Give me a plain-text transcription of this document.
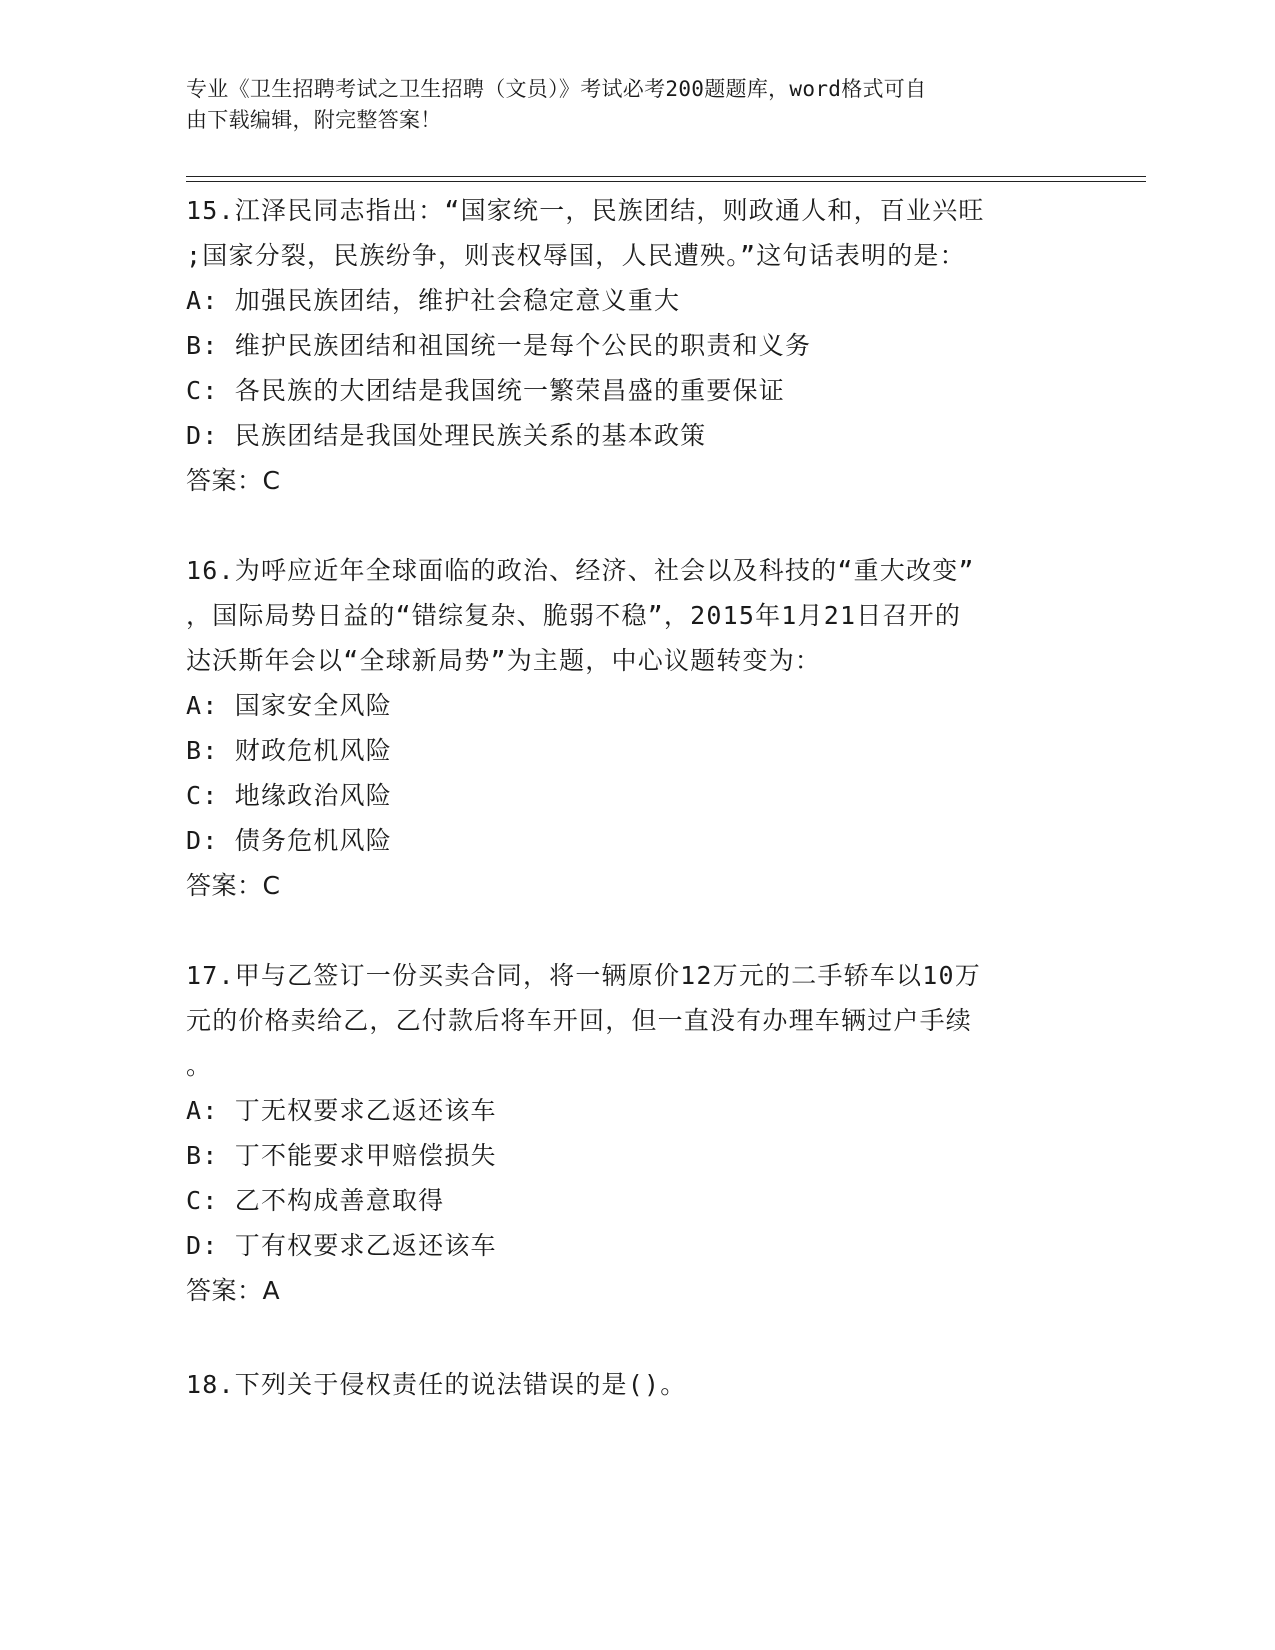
专业《卫生招聘考试之卫生招聘（文员）》考试必考200题题库，word格式可自
由下载编辑，附完整答案！

15.江泽民同志指出：“国家统一，民族团结，则政通人和，百业兴旺

;国家分裂，民族纷争，则丧权辱国，人民遭殃。”这句话表明的是：

A: 加强民族团结，维护社会稳定意义重大

B: 维护民族团结和祖国统一是每个公民的职责和义务

C: 各民族的大团结是我国统一繁荣昌盛的重要保证

D: 民族团结是我国处理民族关系的基本政策

答案：C

16.为呼应近年全球面临的政治、经济、社会以及科技的“重大改变”

，国际局势日益的“错综复杂、脆弱不稳”，2015年1月21日召开的

达沃斯年会以“全球新局势”为主题，中心议题转变为：

A: 国家安全风险

B: 财政危机风险

C: 地缘政治风险

D: 债务危机风险

答案：C

17.甲与乙签订一份买卖合同，将一辆原价12万元的二手轿车以10万

元的价格卖给乙，乙付款后将车开回，但一直没有办理车辆过户手续

。

A: 丁无权要求乙返还该车

B: 丁不能要求甲赔偿损失

C: 乙不构成善意取得

D: 丁有权要求乙返还该车

答案：A

18.下列关于侵权责任的说法错误的是()。
